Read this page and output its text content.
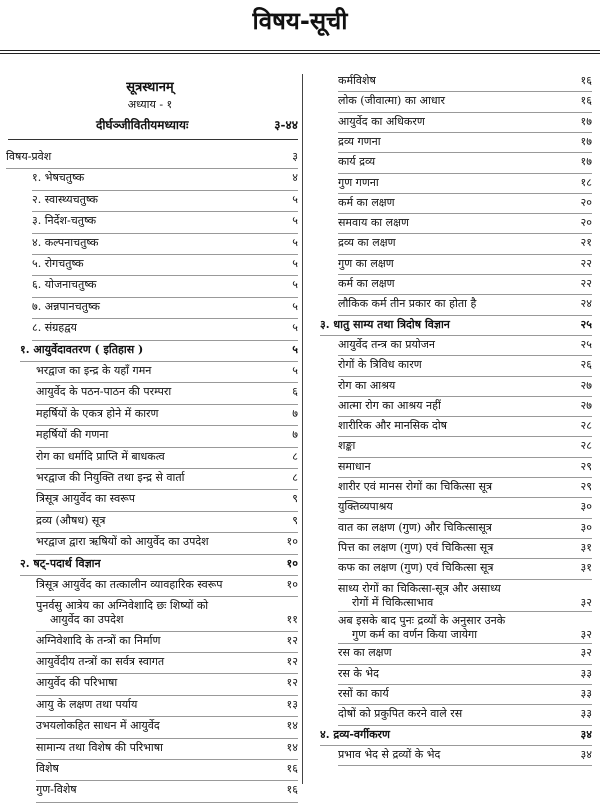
विषय-सूची
सूत्रस्थानम्
अध्याय - १
दीर्घञ्जीवितीयमध्यायः	३-४४
विषय-प्रवेश	३
१. भेषचतुष्क	४
२. स्वास्थ्यचतुष्क	५
३. निर्देश-चतुष्क	५
४. कल्पनाचतुष्क	५
५. रोगचतुष्क	५
६. योजनाचतुष्क	५
७. अन्नपानचतुष्क	५
८. संग्रहद्वय	५
१. आयुर्वेदावतरण ( इतिहास )	५
भरद्वाज का इन्द्र के यहाँ गमन	५
आयुर्वेद के पठन-पाठन की परम्परा	६
महर्षियों के एकत्र होने में कारण	७
महर्षियों की गणना	७
रोग का धर्मादि प्राप्ति में बाधकत्व	८
भरद्वाज की नियुक्ति तथा इन्द्र से वार्ता	८
त्रिसूत्र आयुर्वेद का स्वरूप	९
द्रव्य (औषध) सूत्र	९
भरद्वाज द्वारा ऋषियों को आयुर्वेद का उपदेश	१०
२. षट्-पदार्थ विज्ञान	१०
त्रिसूत्र आयुर्वेद का तत्कालीन व्यावहारिक स्वरूप	१०
पुनर्वसु आत्रेय का अग्निवेशादि छः शिष्यों को
आयुर्वेद का उपदेश	११
अग्निवेशादि के तन्त्रों का निर्माण	१२
आयुर्वेदीय तन्त्रों का सर्वत्र स्वागत	१२
आयुर्वेद की परिभाषा	१२
आयु के लक्षण तथा पर्याय	१३
उभयलोकहित साधन में आयुर्वेद	१४
सामान्य तथा विशेष की परिभाषा	१४
विशेष	१६
गुण-विशेष	१६
कर्मविशेष	१६
लोक (जीवात्मा) का आधार	१६
आयुर्वेद का अधिकरण	१७
द्रव्य गणना	१७
कार्य द्रव्य	१७
गुण गणना	१८
कर्म का लक्षण	२०
समवाय का लक्षण	२०
द्रव्य का लक्षण	२१
गुण का लक्षण	२२
कर्म का लक्षण	२२
लौकिक कर्म तीन प्रकार का होता है	२४
३. धातु साम्य तथा त्रिदोष विज्ञान	२५
आयुर्वेद तन्त्र का प्रयोजन	२५
रोगों के त्रिविध कारण	२६
रोग का आश्रय	२७
आत्मा रोग का आश्रय नहीं	२७
शारीरिक और मानसिक दोष	२८
शङ्का	२८
समाधान	२९
शारीर एवं मानस रोगों का चिकित्सा सूत्र	२९
युक्तिव्यपाश्रय	३०
वात का लक्षण (गुण) और चिकित्सासूत्र	३०
पित्त का लक्षण (गुण) एवं चिकित्सा सूत्र	३१
कफ का लक्षण (गुण) एवं चिकित्सा सूत्र	३१
साध्य रोगों का चिकित्सा-सूत्र और असाध्य
रोगों में चिकित्साभाव	३२
अब इसके बाद पुनः द्रव्यों के अनुसार उनके
गुण कर्म का वर्णन किया जायेगा	३२
रस का लक्षण	३२
रस के भेद	३३
रसों का कार्य	३३
दोषों को प्रकुपित करने वाले रस	३३
४. द्रव्य-वर्गीकरण	३४
प्रभाव भेद से द्रव्यों के भेद	३४
